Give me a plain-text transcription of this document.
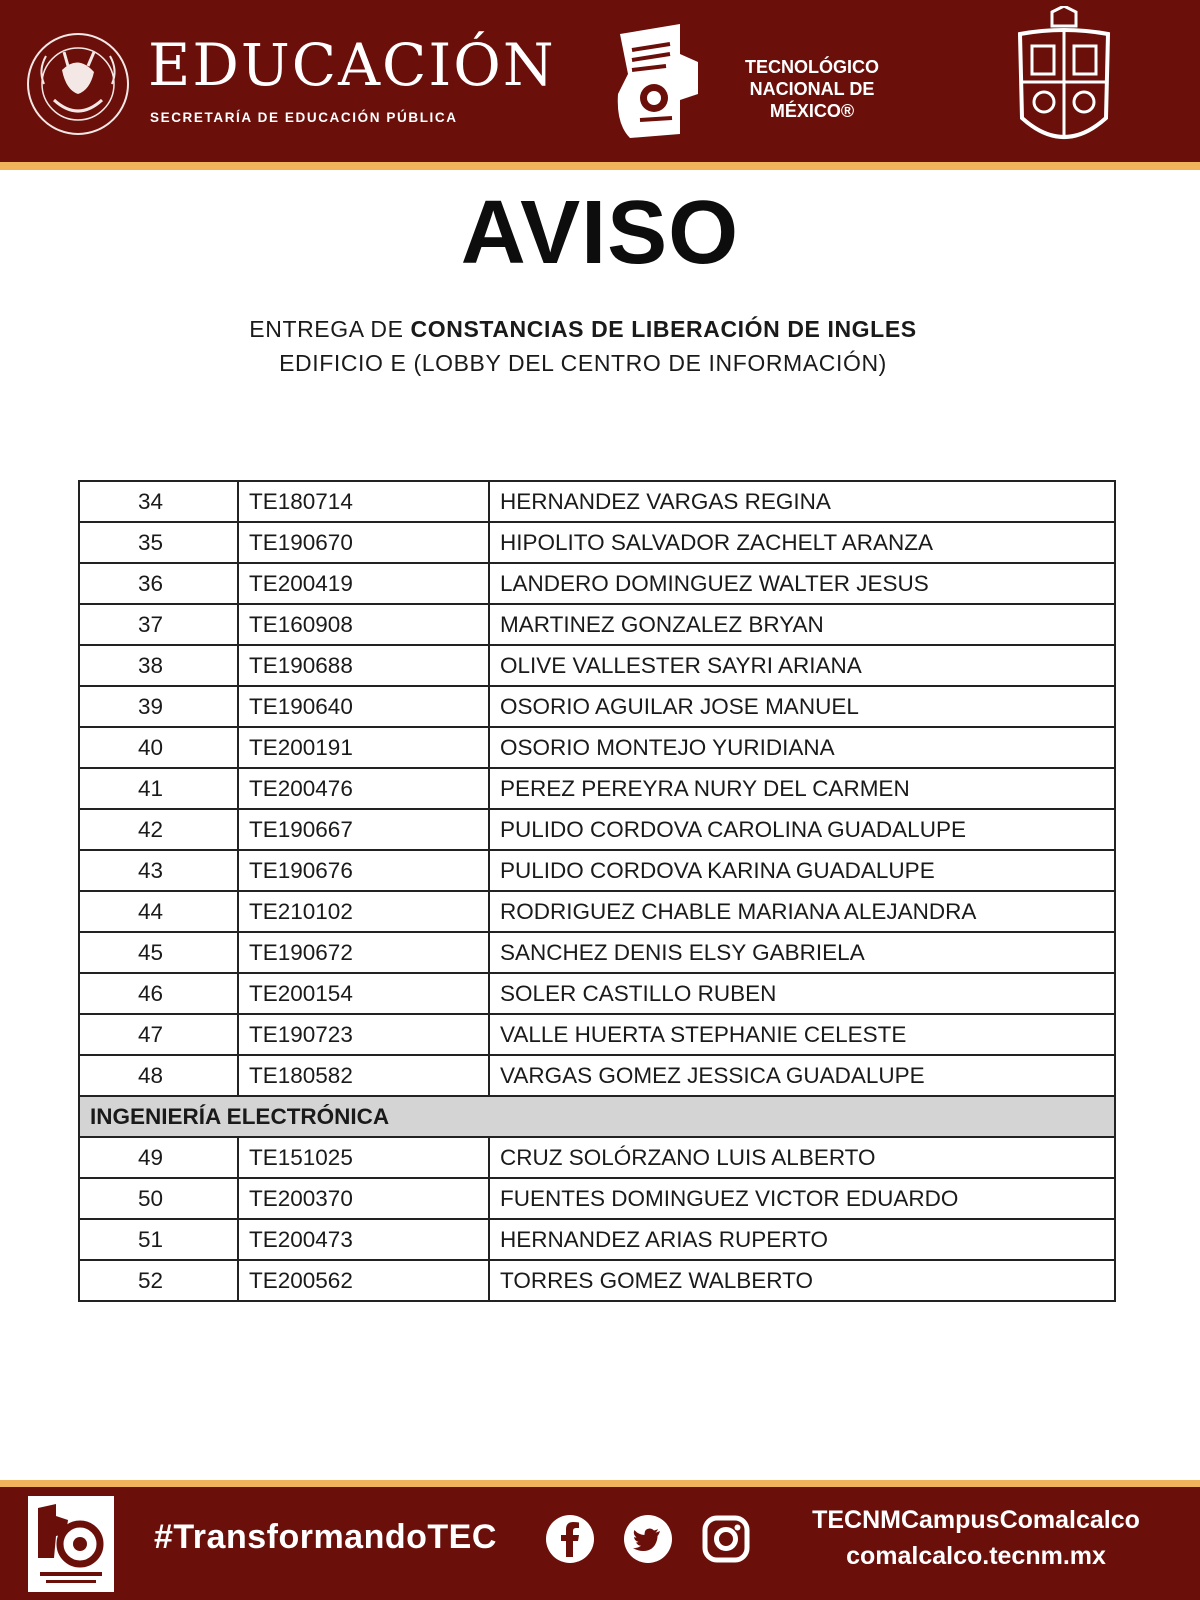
EDUCACIÓN
SECRETARÍA DE EDUCACIÓN PÚBLICA
TECNOLÓGICO
NACIONAL DE MÉXICO®
AVISO
ENTREGA DE CONSTANCIAS DE LIBERACIÓN DE INGLES
EDIFICIO E (LOBBY DEL CENTRO DE INFORMACIÓN)
34	TE180714	HERNANDEZ VARGAS REGINA
35	TE190670	HIPOLITO SALVADOR ZACHELT ARANZA
36	TE200419	LANDERO DOMINGUEZ WALTER JESUS
37	TE160908	MARTINEZ GONZALEZ BRYAN
38	TE190688	OLIVE VALLESTER SAYRI ARIANA
39	TE190640	OSORIO AGUILAR JOSE MANUEL
40	TE200191	OSORIO MONTEJO YURIDIANA
41	TE200476	PEREZ PEREYRA NURY DEL CARMEN
42	TE190667	PULIDO CORDOVA CAROLINA GUADALUPE
43	TE190676	PULIDO CORDOVA KARINA GUADALUPE
44	TE210102	RODRIGUEZ CHABLE MARIANA ALEJANDRA
45	TE190672	SANCHEZ DENIS ELSY GABRIELA
46	TE200154	SOLER CASTILLO RUBEN
47	TE190723	VALLE HUERTA STEPHANIE CELESTE
48	TE180582	VARGAS GOMEZ JESSICA GUADALUPE
INGENIERÍA ELECTRÓNICA		
49	TE151025	CRUZ SOLÓRZANO LUIS ALBERTO
50	TE200370	FUENTES DOMINGUEZ VICTOR EDUARDO
51	TE200473	HERNANDEZ ARIAS RUPERTO
52	TE200562	TORRES GOMEZ WALBERTO
#TransformandoTEC	TECNMCampusComalcalco
comalcalco.tecnm.mx
